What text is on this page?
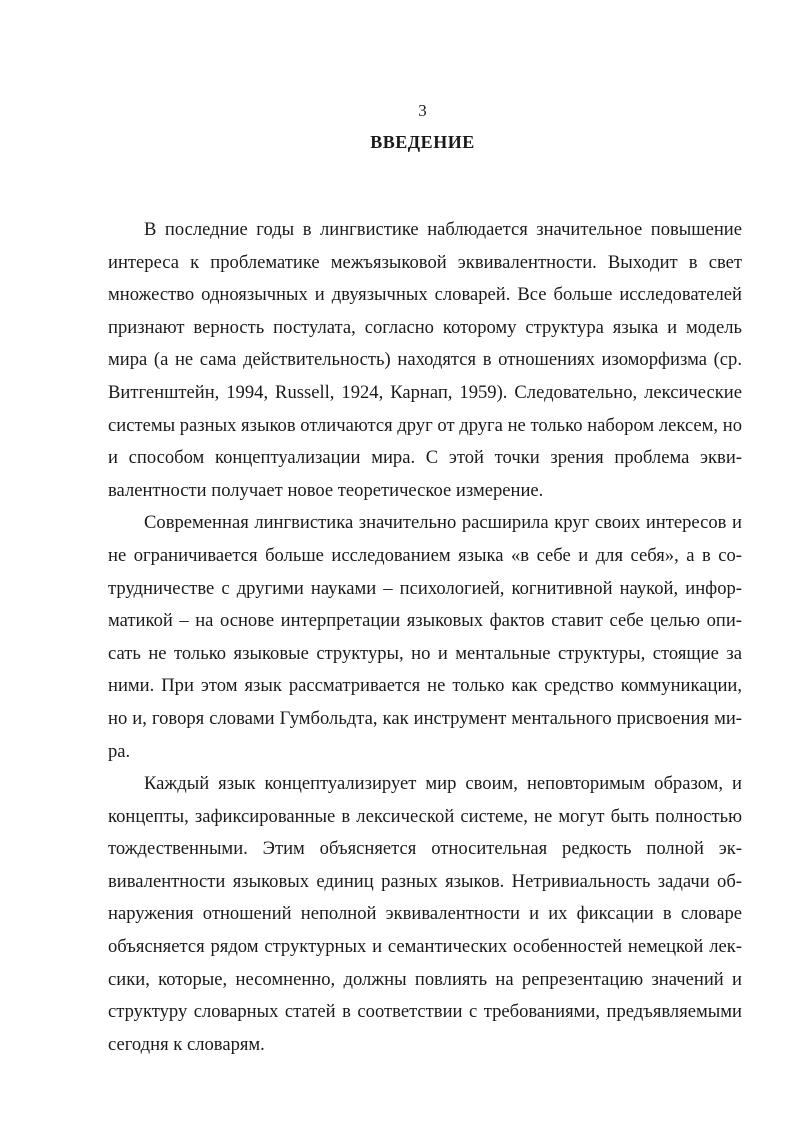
3
ВВЕДЕНИЕ

В последние годы в лингвистике наблюдается значительное повышение интереса к проблематике межъязыковой эквивалентности. Выходит в свет множество одноязычных и двуязычных словарей. Все больше исследователей признают верность постулата, согласно которому структура языка и модель мира (а не сама действительность) находятся в отношениях изоморфизма (ср. Витгенштейн, 1994, Russell, 1924, Карнап, 1959). Следовательно, лексические системы разных языков отличаются друг от друга не только набором лексем, но и способом концептуализации мира. С этой точки зрения проблема эквивалентности получает новое теоретическое измерение.

Современная лингвистика значительно расширила круг своих интересов и не ограничивается больше исследованием языка «в себе и для себя», а в сотрудничестве с другими науками – психологией, когнитивной наукой, информатикой – на основе интерпретации языковых фактов ставит себе целью описать не только языковые структуры, но и ментальные структуры, стоящие за ними. При этом язык рассматривается не только как средство коммуникации, но и, говоря словами Гумбольдта, как инструмент ментального присвоения мира.

Каждый язык концептуализирует мир своим, неповторимым образом, и концепты, зафиксированные в лексической системе, не могут быть полностью тождественными. Этим объясняется относительная редкость полной эквивалентности языковых единиц разных языков. Нетривиальность задачи обнаружения отношений неполной эквивалентности и их фиксации в словаре объясняется рядом структурных и семантических особенностей немецкой лексики, которые, несомненно, должны повлиять на репрезентацию значений и структуру словарных статей в соответствии с требованиями, предъявляемыми сегодня к словарям.
